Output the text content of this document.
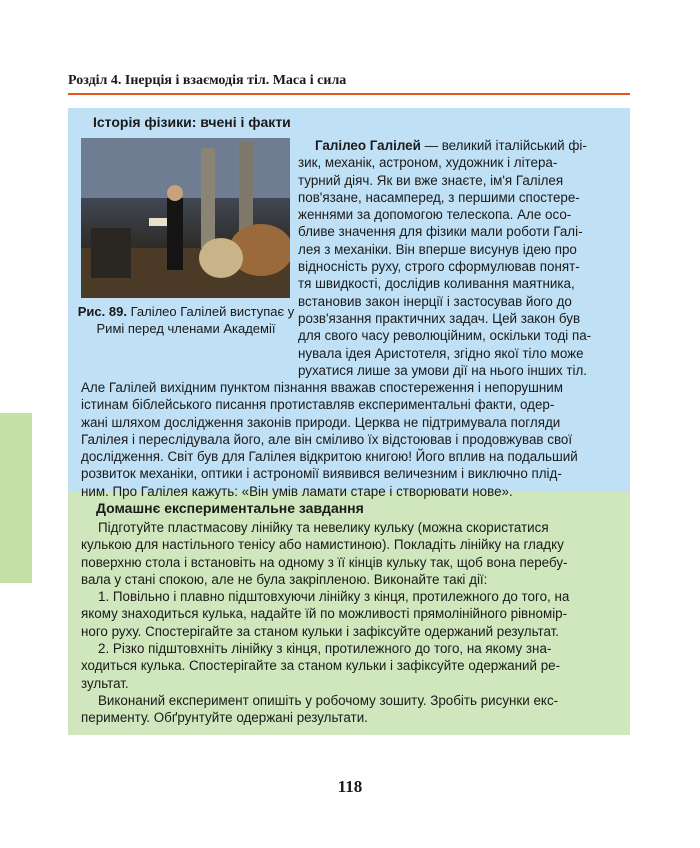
Розділ 4. Інерція і взаємодія тіл. Маса і сила
Історія фізики: вчені і факти
Рис. 89. Галілео Галілей виступає у Римі перед членами Академії
Галілео Галілей — великий італійський фі-
зик, механік, астроном, художник і літера-
турний діяч. Як ви вже знаєте, ім'я Галілея
пов'язане, насамперед, з першими спостере-
женнями за допомогою телескопа. Але осо-
бливе значення для фізики мали роботи Галі-
лея з механіки. Він вперше висунув ідею про
відносність руху, строго сформулював понят-
тя швидкості, дослідив коливання маятника,
встановив закон інерції і застосував його до
розв'язання практичних задач. Цей закон був
для свого часу революційним, оскільки тоді па-
нувала ідея Аристотеля, згідно якої тіло може
рухатися лише за умови дії на нього інших тіл.
Але Галілей вихідним пунктом пізнання вважав спостереження і непорушним
істинам біблейського писання протиставляв експериментальні факти, одер-
жані шляхом дослідження законів природи. Церква не підтримувала погляди
Галілея і переслідувала його, але він сміливо їх відстоював і продовжував свої
дослідження. Світ був для Галілея відкритою книгою! Його вплив на подальший
розвиток механіки, оптики і астрономії виявився величезним і виключно плід-
ним. Про Галілея кажуть: «Він умів ламати старе і створювати нове».
Домашнє експериментальне завдання
Підготуйте пластмасову лінійку та невелику кульку (можна скористатися
кулькою для настільного тенісу або намистиною). Покладіть лінійку на гладку
поверхню стола і встановіть на одному з її кінців кульку так, щоб вона перебу-
вала у стані спокою, але не була закріпленою. Виконайте такі дії:
1. Повільно і плавно підштовхуючи лінійку з кінця, протилежного до того, на
якому знаходиться кулька, надайте їй по можливості прямолінійного рівномір-
ного руху. Спостерігайте за станом кульки і зафіксуйте одержаний результат.
2. Різко підштовхніть лінійку з кінця, протилежного до того, на якому зна-
ходиться кулька. Спостерігайте за станом кульки і зафіксуйте одержаний ре-
зультат.
Виконаний експеримент опишіть у робочому зошиту. Зробіть рисунки екс-
перименту. Обґрунтуйте одержані результати.
118
